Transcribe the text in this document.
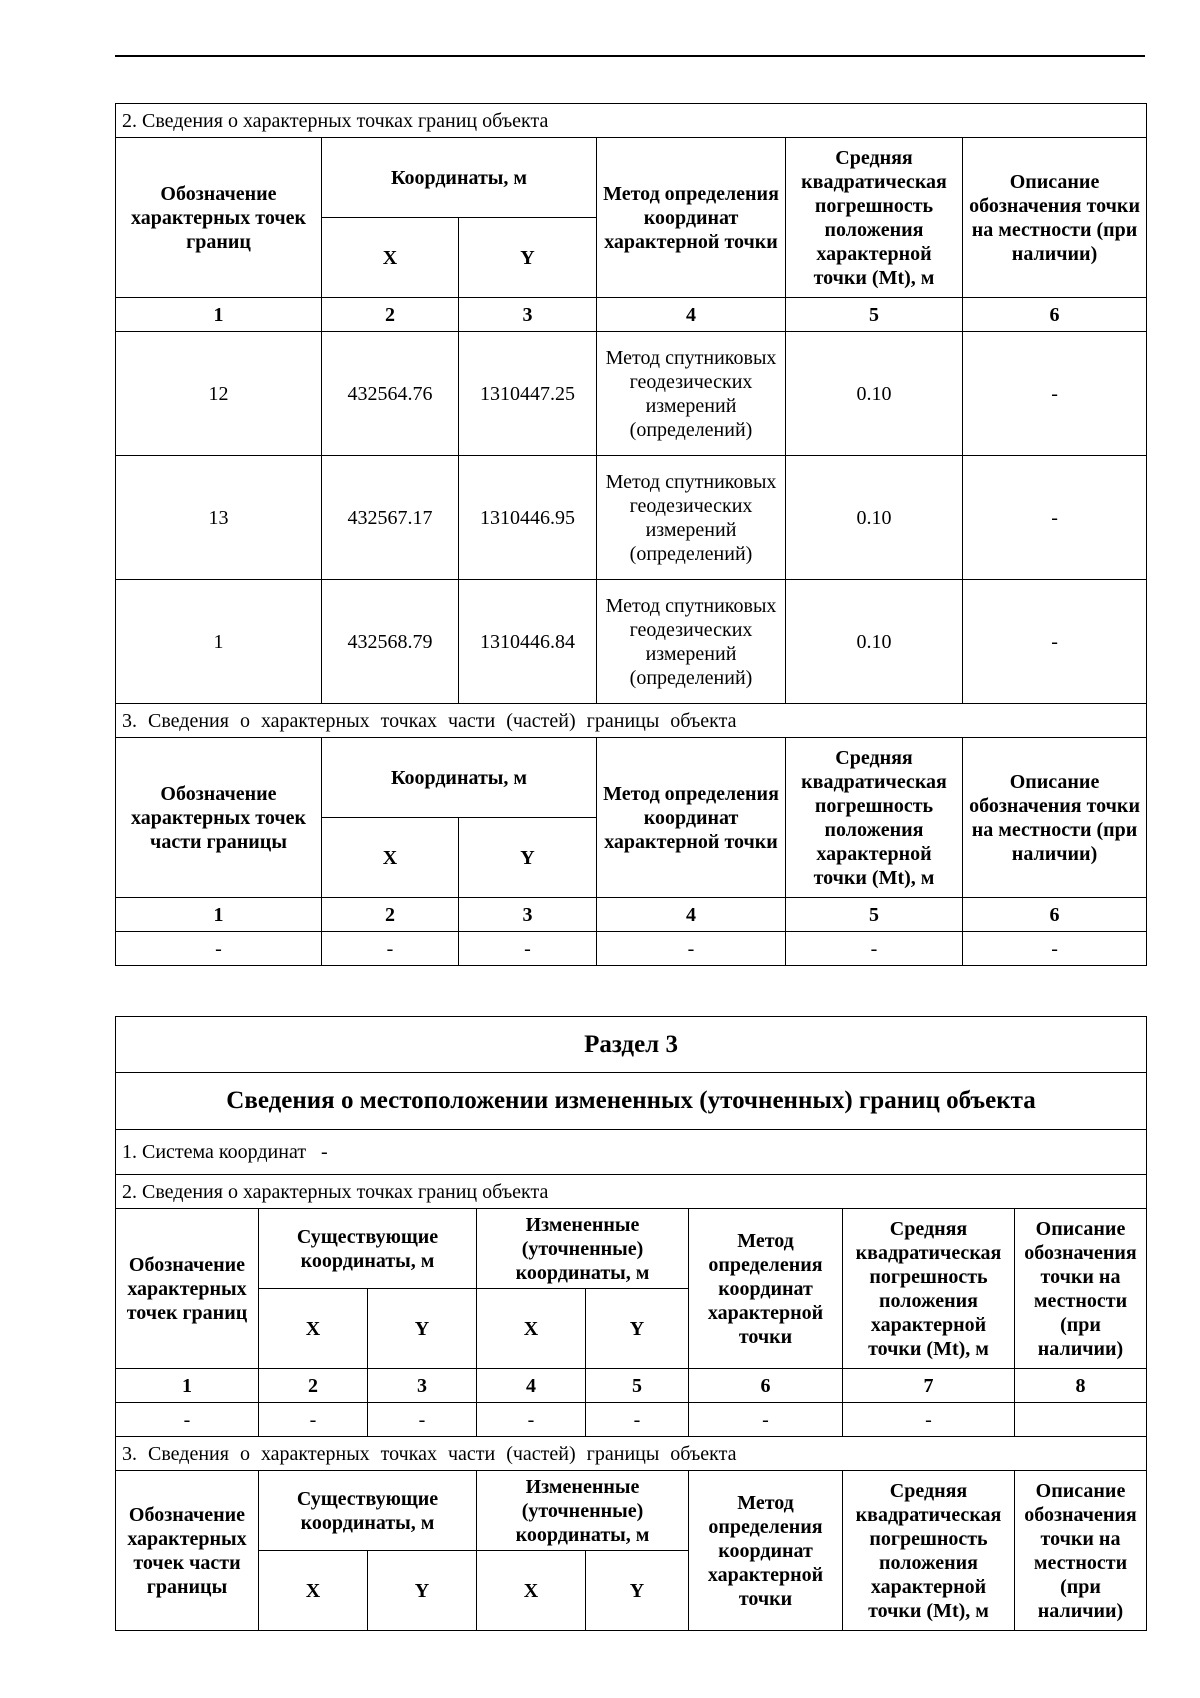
2. Сведения о характерных точках границ объекта					
Обозначение характерных точек границ	Координаты, м		Метод определения координат характерной точки	Средняя квадратическая погрешность положения характерной точки (Mt), м	Описание обозначения точки на местности (при наличии)
	X	Y			
1	2	3	4	5	6
12	432564.76	1310447.25	Метод спутниковых геодезических измерений (определений)	0.10	-
13	432567.17	1310446.95	Метод спутниковых геодезических измерений (определений)	0.10	-
1	432568.79	1310446.84	Метод спутниковых геодезических измерений (определений)	0.10	-
3. Сведения о характерных точках части (частей) границы объекта					
Обозначение характерных точек части границы	Координаты, м		Метод определения координат характерной точки	Средняя квадратическая погрешность положения характерной точки (Mt), м	Описание обозначения точки на местности (при наличии)
	X	Y			
1	2	3	4	5	6
-	-	-	-	-	-
Раздел 3							
Сведения о местоположении измененных (уточненных) границ объекта							
1. Система координат   -							
2. Сведения о характерных точках границ объекта							
Обозначение характерных точек границ	Существующие координаты, м		Измененные (уточненные) координаты, м		Метод определения координат характерной точки	Средняя квадратическая погрешность положения характерной точки (Mt), м	Описание обозначения точки на местности (при наличии)
	X	Y	X	Y			
1	2	3	4	5	6	7	8
-	-	-	-	-	-	-	
3. Сведения о характерных точках части (частей) границы объекта							
Обозначение характерных точек части границы	Существующие координаты, м		Измененные (уточненные) координаты, м		Метод определения координат характерной точки	Средняя квадратическая погрешность положения характерной точки (Mt), м	Описание обозначения точки на местности (при наличии)
	X	Y	X	Y			
